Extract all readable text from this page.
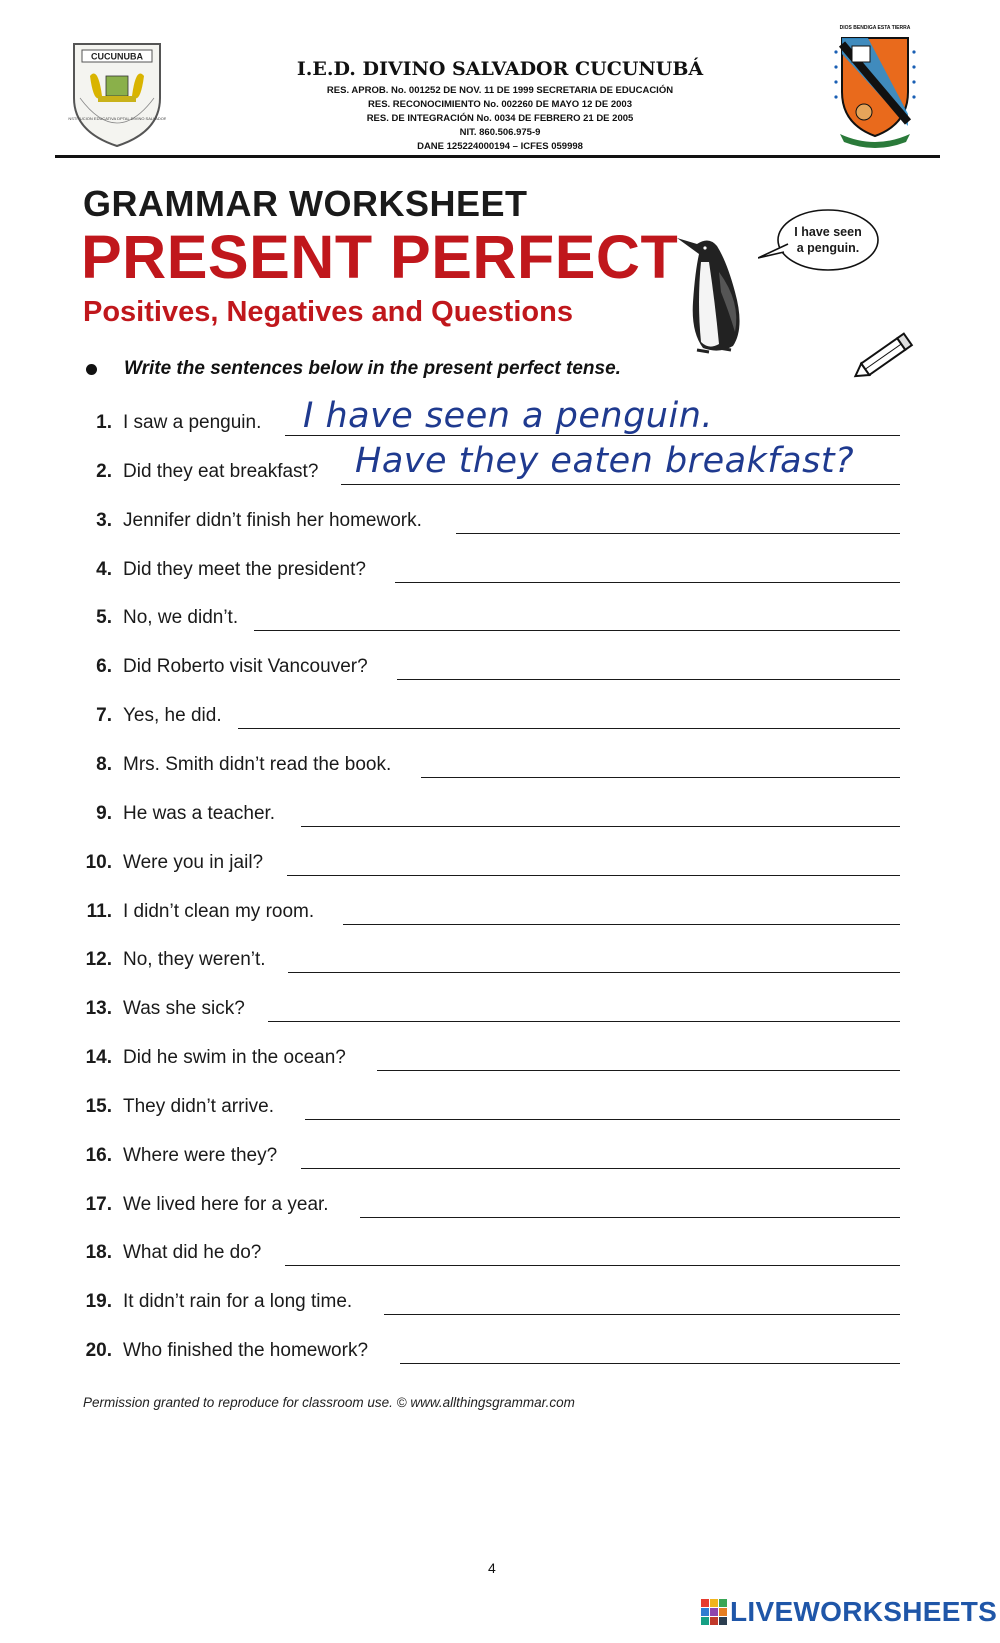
CUCUNUBA
INSTITUCION EDUCATIVA DPTAL DIVINO SALVADOR
I.E.D. DIVINO SALVADOR CUCUNUBÁ
RES. APROB. No. 001252 DE NOV. 11 DE 1999 SECRETARIA DE EDUCACIÓN
RES. RECONOCIMIENTO No. 002260 DE MAYO 12 DE 2003
RES. DE INTEGRACIÓN No. 0034 DE FEBRERO 21 DE 2005
NIT. 860.506.975-9
DANE 125224000194 – ICFES 059998
DIOS BENDIGA ESTA TIERRA
GRAMMAR WORKSHEET
PRESENT PERFECT
Positives, Negatives and Questions
I have seen
a penguin.
Write the sentences below in the present perfect tense.
1. I saw a penguin. I have seen a penguin.
2. Did they eat breakfast? Have they eaten breakfast?
3. Jennifer didn’t finish her homework.
4. Did they meet the president?
5. No, we didn’t.
6. Did Roberto visit Vancouver?
7. Yes, he did.
8. Mrs. Smith didn’t read the book.
9. He was a teacher.
10. Were you in jail?
11. I didn’t clean my room.
12. No, they weren’t.
13. Was she sick?
14. Did he swim in the ocean?
15. They didn’t arrive.
16. Where were they?
17. We lived here for a year.
18. What did he do?
19. It didn’t rain for a long time.
20. Who finished the homework?
Permission granted to reproduce for classroom use. © www.allthingsgrammar.com
4
LIVEWORKSHEETS
